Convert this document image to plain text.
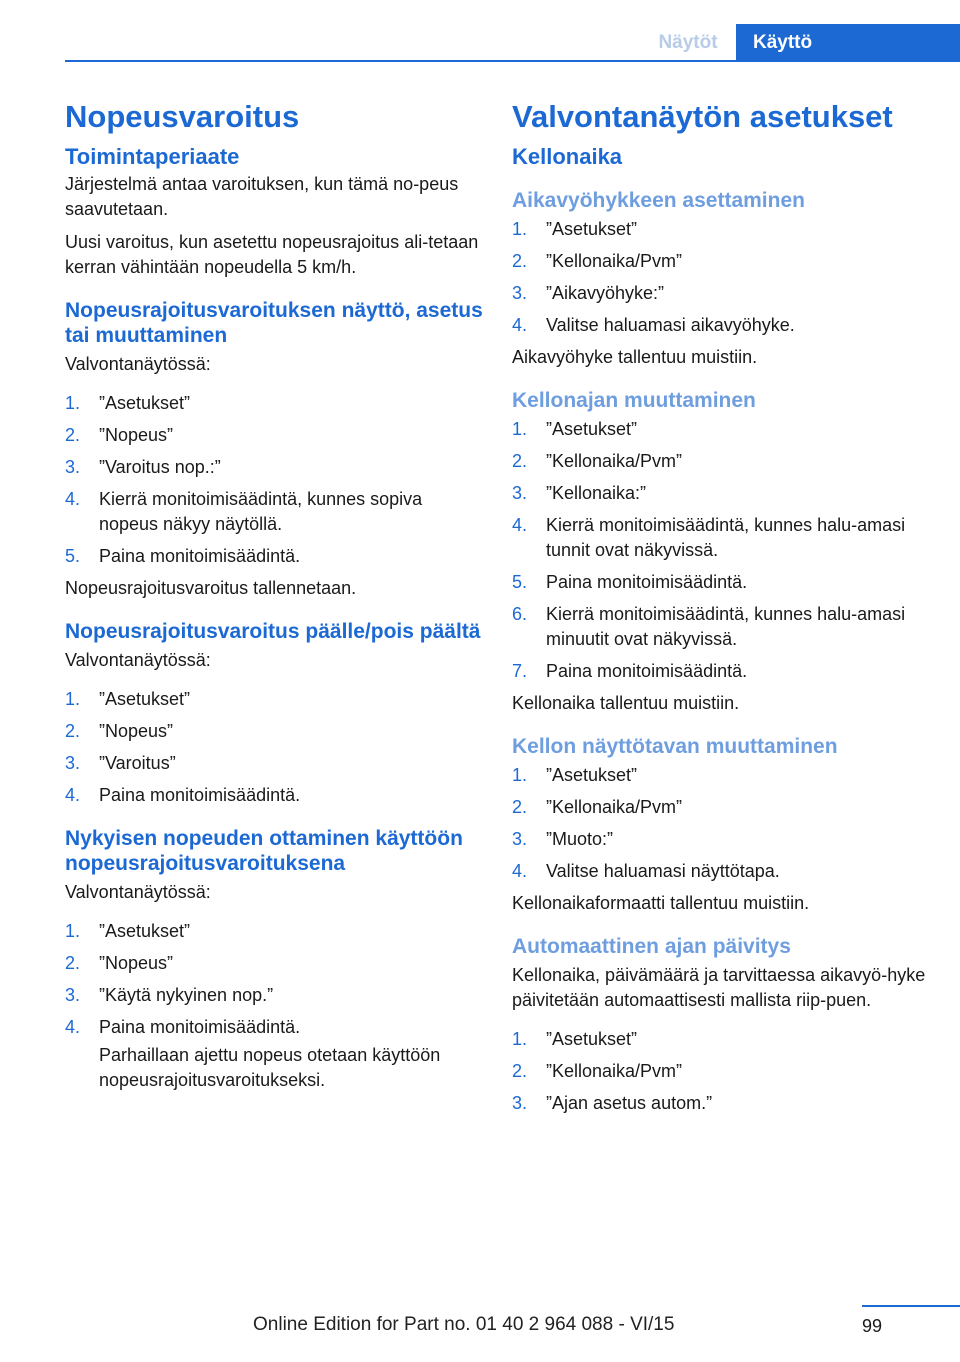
Näytöt	Käyttö
Nopeusvaroitus
Toimintaperiaate

Järjestelmä antaa varoituksen, kun tämä no-peus saavutetaan.

Uusi varoitus, kun asetettu nopeusrajoitus ali-tetaan kerran vähintään nopeudella 5 km/h.

Nopeusrajoitusvaroituksen näyttö, asetus tai muuttaminen

Valvontanäytössä:

1.	”Asetukset”
2.	”Nopeus”
3.	”Varoitus nop.:”
4.	Kierrä monitoimisäädintä, kunnes sopiva nopeus näkyy näytöllä.
5.	Paina monitoimisäädintä.

Nopeusrajoitusvaroitus tallennetaan.

Nopeusrajoitusvaroitus päälle/pois päältä

Valvontanäytössä:

1.	”Asetukset”
2.	”Nopeus”
3.	”Varoitus”
4.	Paina monitoimisäädintä.
Nykyisen nopeuden ottaminen käyttöön nopeusrajoitusvaroituksena

Valvontanäytössä:

1.	”Asetukset”
2.	”Nopeus”
3.	”Käytä nykyinen nop.”
4.	Paina monitoimisäädintä.

Parhaillaan ajettu nopeus otetaan käyttöön nopeusrajoitusvaroitukseksi.

Valvontanäytön asetukset
Kellonaika
Aikavyöhykkeen asettaminen
1.	”Asetukset”
2.	”Kellonaika/Pvm”
3.	”Aikavyöhyke:”
4.	Valitse haluamasi aikavyöhyke.

Aikavyöhyke tallentuu muistiin.

Kellonajan muuttaminen
1.	”Asetukset”
2.	”Kellonaika/Pvm”
3.	”Kellonaika:”
4.	Kierrä monitoimisäädintä, kunnes halu-amasi tunnit ovat näkyvissä.
5.	Paina monitoimisäädintä.
6.	Kierrä monitoimisäädintä, kunnes halu-amasi minuutit ovat näkyvissä.
7.	Paina monitoimisäädintä.

Kellonaika tallentuu muistiin.

Kellon näyttötavan muuttaminen
1.	”Asetukset”
2.	”Kellonaika/Pvm”
3.	”Muoto:”
4.	Valitse haluamasi näyttötapa.

Kellonaikaformaatti tallentuu muistiin.

Automaattinen ajan päivitys

Kellonaika, päivämäärä ja tarvittaessa aikavyö-hyke päivitetään automaattisesti mallista riip-puen.

1.	”Asetukset”
2.	”Kellonaika/Pvm”
3.	”Ajan asetus autom.”
99
Online Edition for Part no. 01 40 2 964 088 - VI/15
